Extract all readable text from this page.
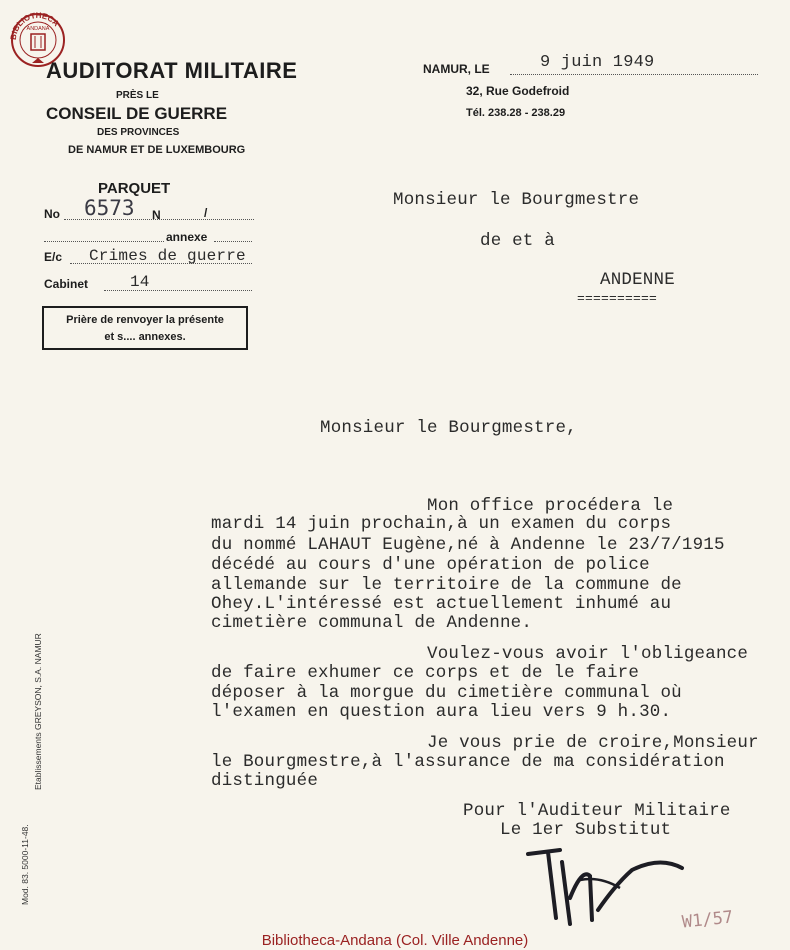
BIBLIOTHECA
ANDANA
AUDITORAT MILITAIRE
PRÈS LE
CONSEIL DE GUERRE
DES PROVINCES
DE NAMUR ET DE LUXEMBOURG
PARQUET
No 6573 N	/
annexe
E/c Crimes de guerre
Cabinet	14
Prière de renvoyer la présente
et s.... annexes.
NAMUR, LE	9 juin 1949
32, Rue Godefroid
Tél. 238.28 - 238.29
Monsieur le Bourgmestre
de et à
ANDENNE
==========
Monsieur le Bourgmestre,
Mon office procédera le
mardi 14 juin prochain,à un examen du corps
du nommé LAHAUT Eugène,né à Andenne le 23/7/1915
décédé au cours d'une opération de police
allemande sur le territoire de la commune de
Ohey.L'intéressé est actuellement inhumé au
cimetière communal de Andenne.
Voulez-vous avoir l'obligeance
de faire exhumer ce corps et de le faire
déposer à la morgue du cimetière communal où
l'examen en question aura lieu vers 9 h.30.
Je vous prie de croire,Monsieur
le Bourgmestre,à l'assurance de ma considération
distinguée
Pour l'Auditeur Militaire
Le 1er Substitut
W1/57
Mod. 83. 5000-11-48.
Etablissements GREYSON, S.A. NAMUR
Bibliotheca-Andana (Col. Ville Andenne)
